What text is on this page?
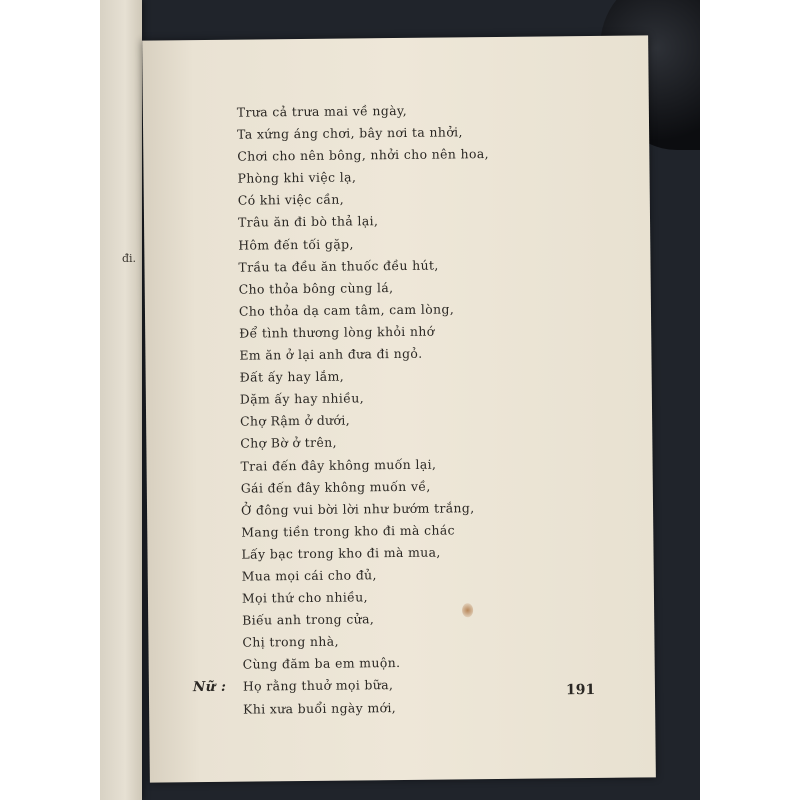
đi.
Trưa cả trưa mai về ngày,
Ta xứng áng chơi, bây nơi ta nhởi,
Chơi cho nên bông, nhởi cho nên hoa,
Phòng khi việc lạ,
Có khi việc cần,
Trâu ăn đi bò thả lại,
Hôm đến tối gặp,
Trầu ta đều ăn thuốc đều hút,
Cho thỏa bông cùng lá,
Cho thỏa dạ cam tâm, cam lòng,
Để tình thương lòng khỏi nhớ
Em ăn ở lại anh đưa đi ngỏ.
Đất ấy hay lắm,
Dặm ấy hay nhiều,
Chợ Rậm ở dưới,
Chợ Bờ ở trên,
Trai đến đây không muốn lại,
Gái đến đây không muốn về,
Ở đông vui bời lời như bướm trắng,
Mang tiền trong kho đi mà chác
Lấy bạc trong kho đi mà mua,
Mua mọi cái cho đủ,
Mọi thứ cho nhiều,
Biếu anh trong cửa,
Chị trong nhà,
Cùng đăm ba em muộn.
Nữ : Họ rằng thuở mọi bữa,
Khi xưa buổi ngày mới,
191
